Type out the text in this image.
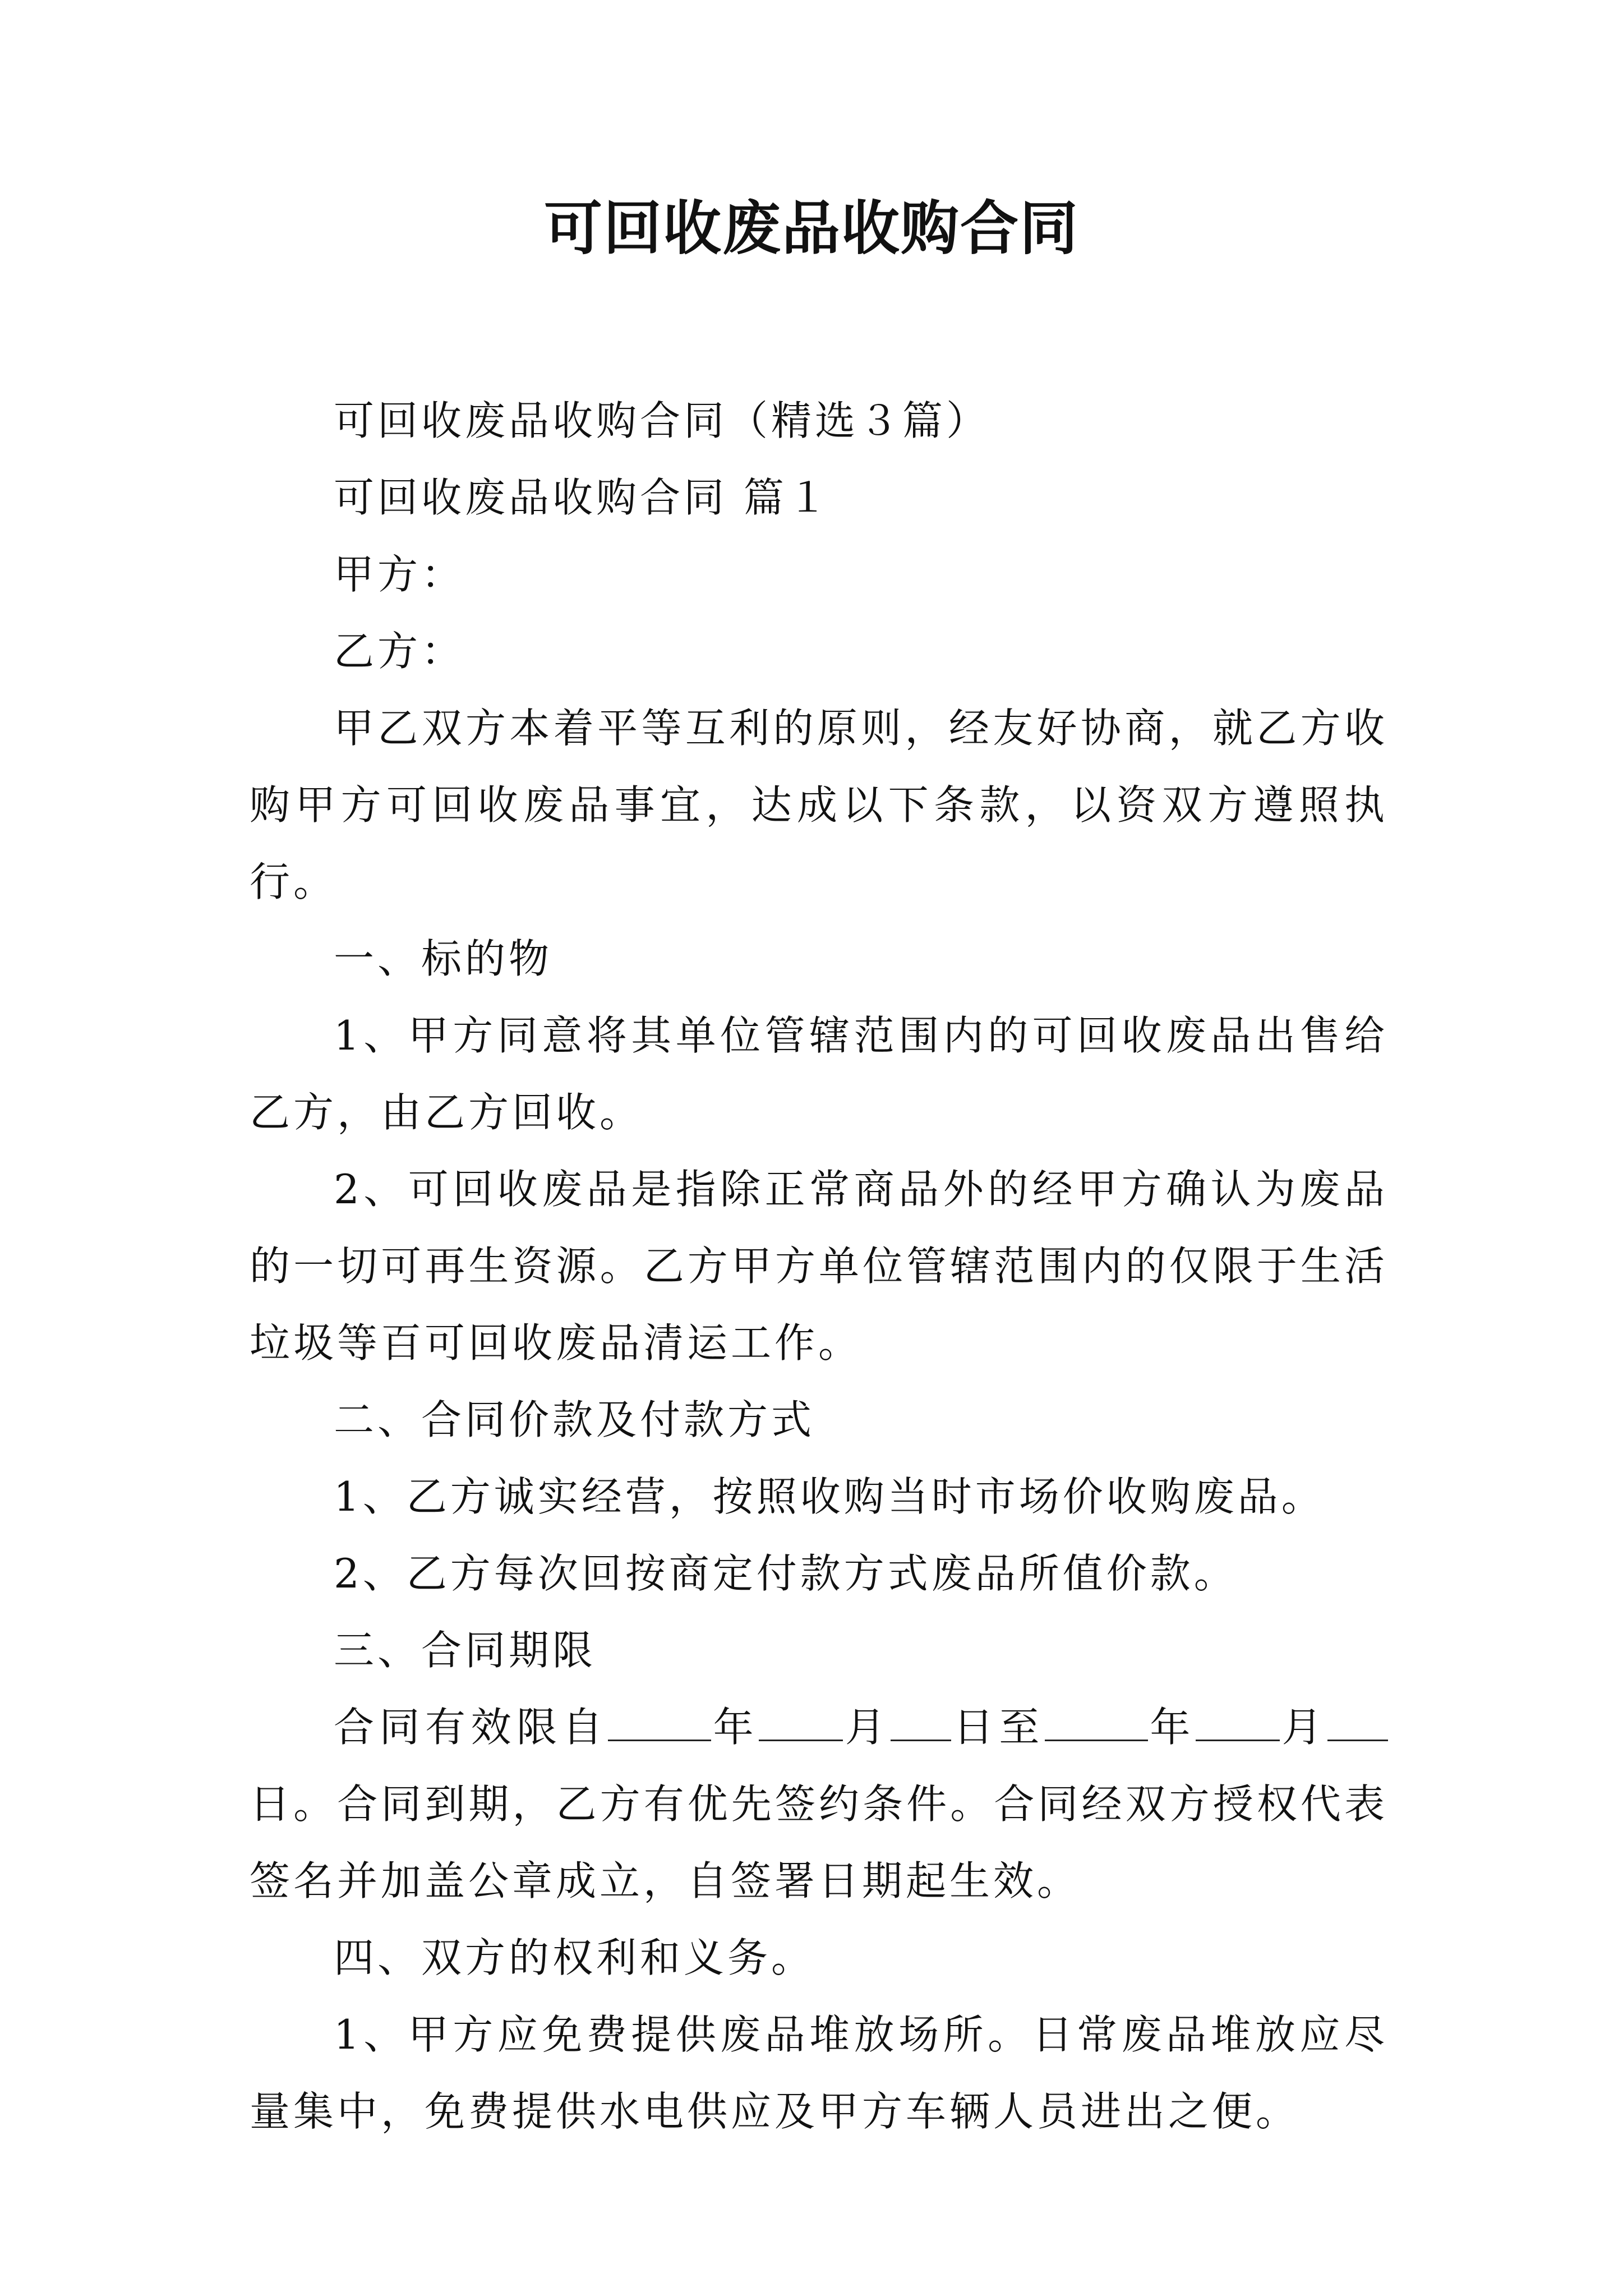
可回收废品收购合同

可回收废品收购合同（精选３篇）

可回收废品收购合同 篇１

甲方：

乙方：

甲乙双方本着平等互利的原则，经友好协商，就乙方收购甲方可回收废品事宜，达成以下条款，以资双方遵照执行。

一、标的物

1、甲方同意将其单位管辖范围内的可回收废品出售给乙方，由乙方回收。

2、可回收废品是指除正常商品外的经甲方确认为废品的一切可再生资源。乙方甲方单位管辖范围内的仅限于生活垃圾等百可回收废品清运工作。

二、合同价款及付款方式

1、乙方诚实经营，按照收购当时市场价收购废品。

2、乙方每次回按商定付款方式废品所值价款。

三、合同期限

合同有效限自	年 月 日至	年 月日。合同到期，乙方有优先签约条件。合同经双方授权代表签名并加盖公章成立，自签署日期起生效。

四、双方的权利和义务。

1、甲方应免费提供废品堆放场所。日常废品堆放应尽量集中，免费提供水电供应及甲方车辆人员进出之便。
